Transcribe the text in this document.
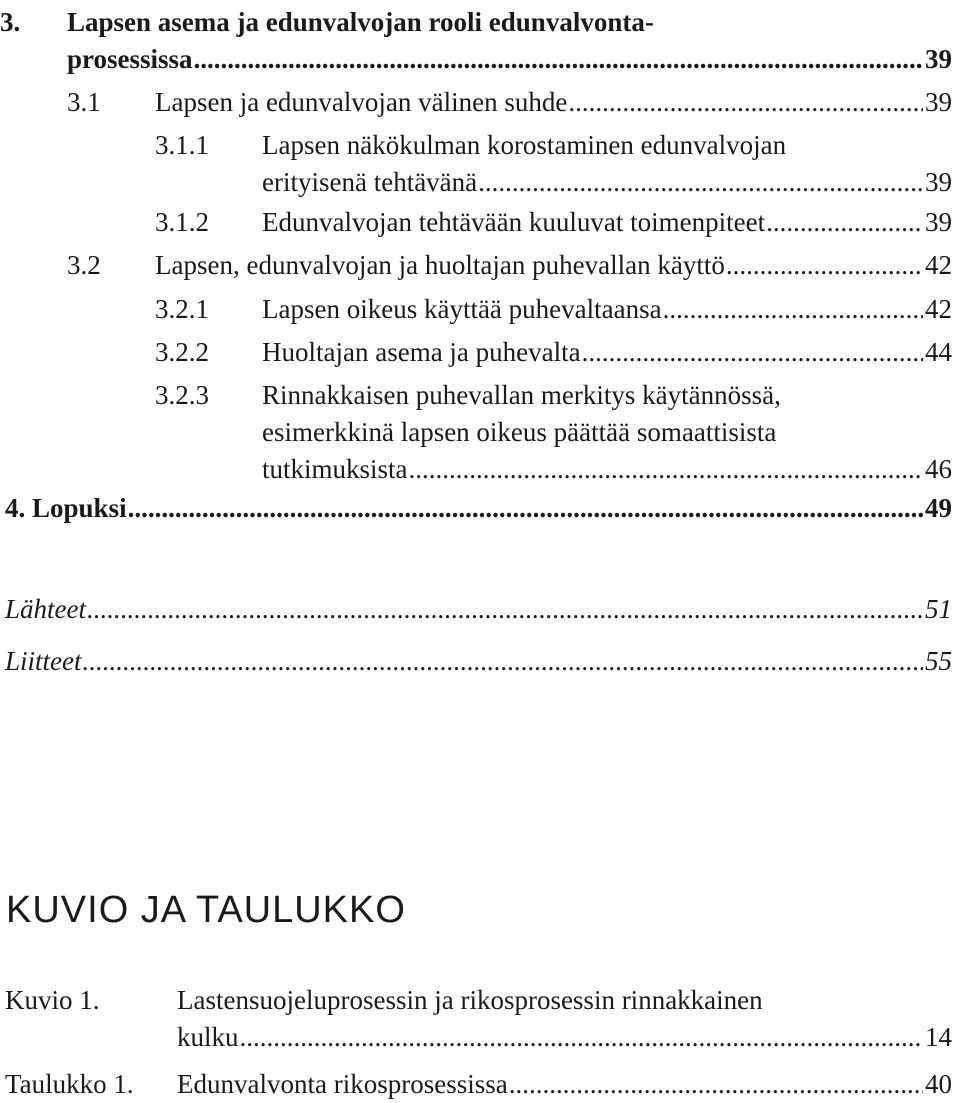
3. Lapsen asema ja edunvalvojan rooli edunvalvonta-
prosessissa .....	39
3.1 Lapsen ja edunvalvojan välinen suhde .....	39
3.1.1 Lapsen näkökulman korostaminen edunvalvojan
erityisenä tehtävänä .....	39
3.1.2 Edunvalvojan tehtävään kuuluvat toimenpiteet .....	39
3.2 Lapsen, edunvalvojan ja huoltajan puhevallan käyttö .....	42
3.2.1 Lapsen oikeus käyttää puhevaltaansa .....	42
3.2.2 Huoltajan asema ja puhevalta .....	44
3.2.3 Rinnakkaisen puhevallan merkitys käytännössä,
esimerkkinä lapsen oikeus päättää somaattisista
tutkimuksista .....	46
4. Lopuksi .....	49
Lähteet .....	51
Liitteet .....	55
KUVIO JA TAULUKKO
Kuvio 1.	Lastensuojeluprosessin ja rikosprosessin rinnakkainen
kulku .....	14
Taulukko 1. Edunvalvonta rikosprosessissa .....	40
